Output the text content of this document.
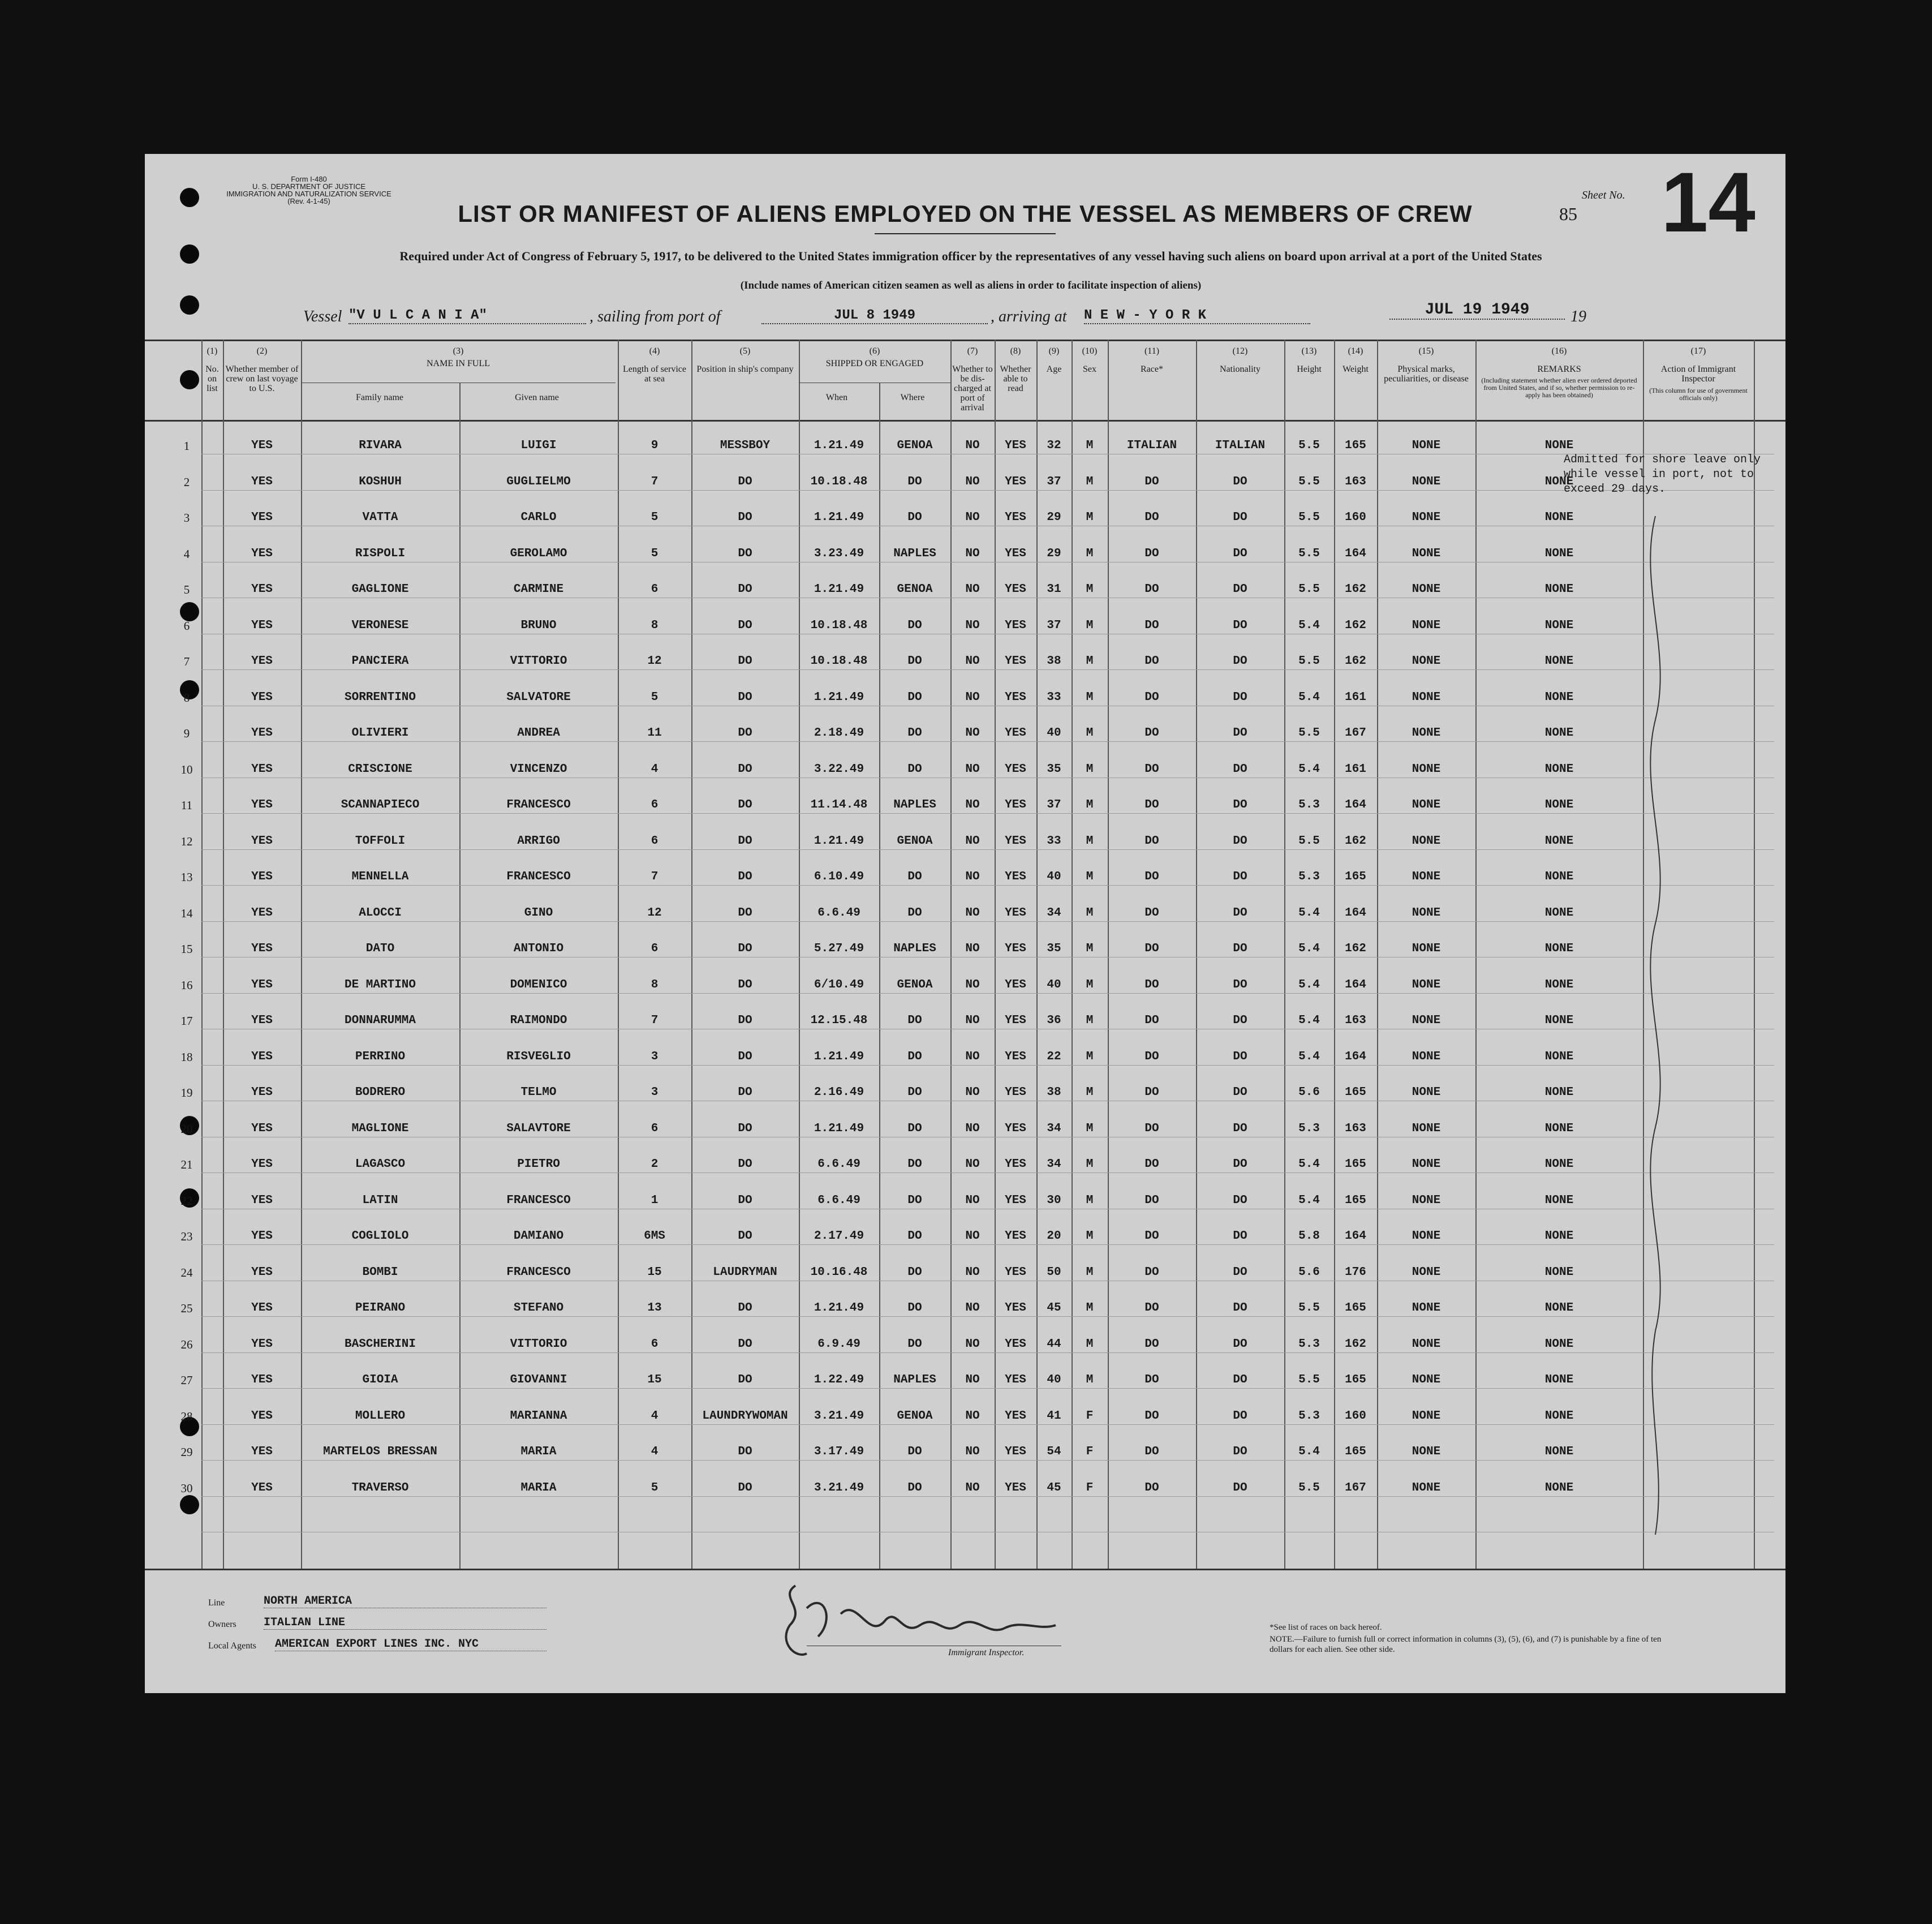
Form I-480
U. S. DEPARTMENT OF JUSTICE
IMMIGRATION AND NATURALIZATION SERVICE
(Rev. 4-1-45)	LIST OR MANIFEST OF ALIENS EMPLOYED ON THE VESSEL AS MEMBERS OF CREW
Sheet No. 14
85
Required under Act of Congress of February 5, 1917, to be delivered to the United States immigration officer by the representatives of any vessel having such aliens on board upon arrival at a port of the United States
(Include names of American citizen seamen as well as aliens in order to facilitate inspection of aliens)
Vessel "V U L C A N I A"	, sailing from port of	JUL 8 1949	, arriving at N E W - Y O R K	JUL 19 1949	19
(1)
No. on list
(2)
Whether member of crew on last voyage to U.S.
(3)
NAME IN FULL
Family name	Given name
(4)
Length of service at sea
(5)
Position in ship's company
(6)
SHIPPED OR ENGAGED
When	Where
(7)
Whether to be dis-charged at port of arrival
(8)
Whether able to read
(9)
Age
(10)
Sex
(11)
Race*
(12)
Nationality
(13)
Height
(14)
Weight
(15)
Physical marks, peculiarities, or disease
(16)
REMARKS
(Including statement whether alien ever ordered deported from United States, and if so, whether permission to re-apply has been obtained)
(17)
Action of Immigrant Inspector
(This column for use of government officials only)
1	YES	RIVARA	LUIGI	9	MESSBOY	1.21.49	GENOA	NO	YES	32	M	ITALIAN	ITALIAN	5.5	165	NONE	NONE
2	YES	KOSHUH	GUGLIELMO	7	DO	10.18.48	DO	NO	YES	37	M	DO	DO	5.5	163	NONE	NONE
3	YES	VATTA	CARLO	5	DO	1.21.49	DO	NO	YES	29	M	DO	DO	5.5	160	NONE	NONE
4	YES	RISPOLI	GEROLAMO	5	DO	3.23.49	NAPLES	NO	YES	29	M	DO	DO	5.5	164	NONE	NONE
5	YES	GAGLIONE	CARMINE	6	DO	1.21.49	GENOA	NO	YES	31	M	DO	DO	5.5	162	NONE	NONE
6	YES	VERONESE	BRUNO	8	DO	10.18.48	DO	NO	YES	37	M	DO	DO	5.4	162	NONE	NONE
7	YES	PANCIERA	VITTORIO	12	DO	10.18.48	DO	NO	YES	38	M	DO	DO	5.5	162	NONE	NONE
8	YES	SORRENTINO	SALVATORE	5	DO	1.21.49	DO	NO	YES	33	M	DO	DO	5.4	161	NONE	NONE
9	YES	OLIVIERI	ANDREA	11	DO	2.18.49	DO	NO	YES	40	M	DO	DO	5.5	167	NONE	NONE
10	YES	CRISCIONE	VINCENZO	4	DO	3.22.49	DO	NO	YES	35	M	DO	DO	5.4	161	NONE	NONE
11	YES	SCANNAPIECO	FRANCESCO	6	DO	11.14.48	NAPLES	NO	YES	37	M	DO	DO	5.3	164	NONE	NONE
12	YES	TOFFOLI	ARRIGO	6	DO	1.21.49	GENOA	NO	YES	33	M	DO	DO	5.5	162	NONE	NONE
13	YES	MENNELLA	FRANCESCO	7	DO	6.10.49	DO	NO	YES	40	M	DO	DO	5.3	165	NONE	NONE
14	YES	ALOCCI	GINO	12	DO	6.6.49	DO	NO	YES	34	M	DO	DO	5.4	164	NONE	NONE
15	YES	DATO	ANTONIO	6	DO	5.27.49	NAPLES	NO	YES	35	M	DO	DO	5.4	162	NONE	NONE
16	YES	DE MARTINO	DOMENICO	8	DO	6/10.49	GENOA	NO	YES	40	M	DO	DO	5.4	164	NONE	NONE
17	YES	DONNARUMMA	RAIMONDO	7	DO	12.15.48	DO	NO	YES	36	M	DO	DO	5.4	163	NONE	NONE
18	YES	PERRINO	RISVEGLIO	3	DO	1.21.49	DO	NO	YES	22	M	DO	DO	5.4	164	NONE	NONE
19	YES	BODRERO	TELMO	3	DO	2.16.49	DO	NO	YES	38	M	DO	DO	5.6	165	NONE	NONE
20	YES	MAGLIONE	SALAVTORE	6	DO	1.21.49	DO	NO	YES	34	M	DO	DO	5.3	163	NONE	NONE
21	YES	LAGASCO	PIETRO	2	DO	6.6.49	DO	NO	YES	34	M	DO	DO	5.4	165	NONE	NONE
22	YES	LATIN	FRANCESCO	1	DO	6.6.49	DO	NO	YES	30	M	DO	DO	5.4	165	NONE	NONE
23	YES	COGLIOLO	DAMIANO	6MS	DO	2.17.49	DO	NO	YES	20	M	DO	DO	5.8	164	NONE	NONE
24	YES	BOMBI	FRANCESCO	15	LAUDRYMAN	10.16.48	DO	NO	YES	50	M	DO	DO	5.6	176	NONE	NONE
25	YES	PEIRANO	STEFANO	13	DO	1.21.49	DO	NO	YES	45	M	DO	DO	5.5	165	NONE	NONE
26	YES	BASCHERINI	VITTORIO	6	DO	6.9.49	DO	NO	YES	44	M	DO	DO	5.3	162	NONE	NONE
27	YES	GIOIA	GIOVANNI	15	DO	1.22.49	NAPLES	NO	YES	40	M	DO	DO	5.5	165	NONE	NONE
28	YES	MOLLERO	MARIANNA	4	LAUNDRYWOMAN	3.21.49	GENOA	NO	YES	41	F	DO	DO	5.3	160	NONE	NONE
29	YES	MARTELOS BRESSAN	MARIA	4	DO	3.17.49	DO	NO	YES	54	F	DO	DO	5.4	165	NONE	NONE
30	YES	TRAVERSO	MARIA	5	DO	3.21.49	DO	NO	YES	45	F	DO	DO	5.5	167	NONE	NONE
Admitted for shore leave only while vessel in port, not to exceed 29 days.
Line	NORTH AMERICA
Owners ITALIAN LINE
Local Agents AMERICAN EXPORT LINES INC. NYC
Immigrant Inspector.
*See list of races on back hereof.
NOTE.—Failure to furnish full or correct information in columns (3), (5), (6), and (7) is punishable by a fine of ten dollars for each alien. See other side.
